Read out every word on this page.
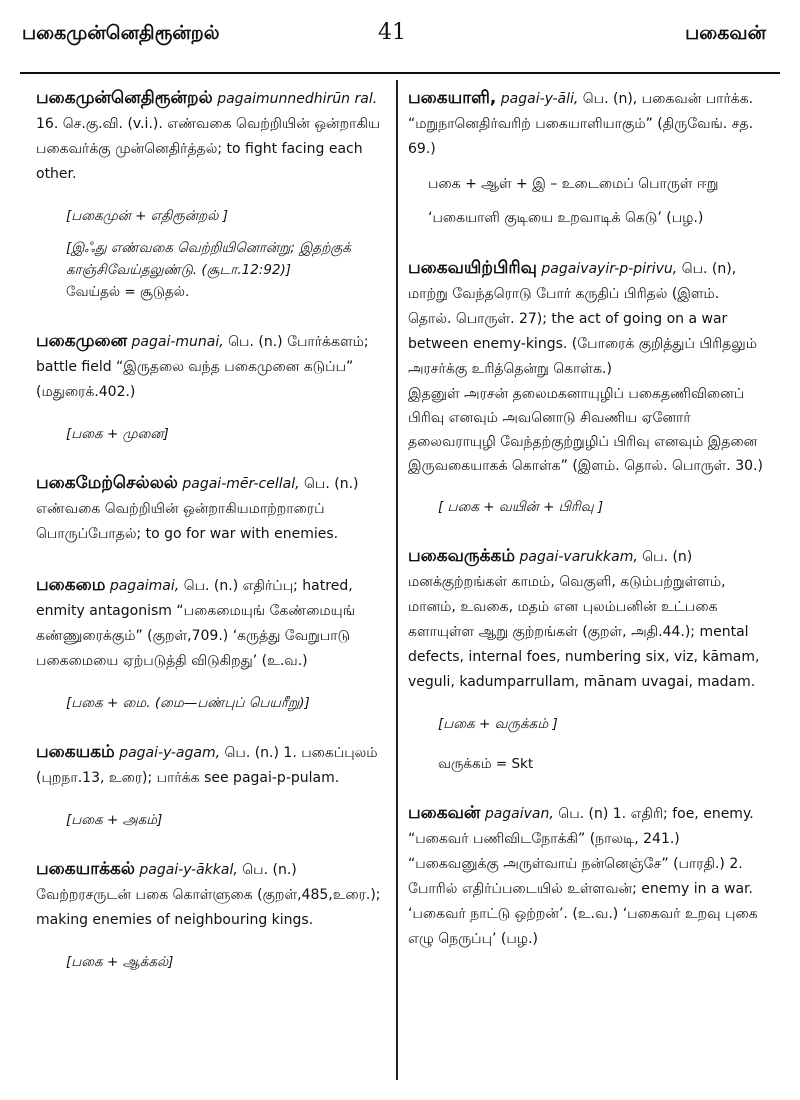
பகைமுன்னெதிரூன்றல்	41	பகைவன்

பகைமுன்னெதிரூன்றல் pagaimunnedhirūn ral. 16. செ.கு.வி. (v.i.). எண்வகை வெற்றியின் ஒன்றாகிய பகைவர்க்கு முன்னெதிர்த்தல்; to fight facing each other.

[பகைமுன் + எதிரூன்றல் ]

[இஃது எண்வகை வெற்றியினொன்று; இதற்குக் காஞ்சிவேய்தலுண்டு. (சூடா.12:92)]

வேய்தல் = சூடுதல்.

பகைமுனை pagai-munai, பெ. (n.) போர்க்களம்; battle field “இருதலை வந்த பகைமுனை கடுப்ப” (மதுரைக்.402.)

[பகை + முனை]

பகைமேற்செல்லல் pagai-mēr-cellal, பெ. (n.) எண்வகை வெற்றியின் ஒன்றாகியமாற்றாரைப் பொருப்போதல்; to go for war with enemies.

பகைமை pagaimai, பெ. (n.) எதிர்ப்பு; hatred, enmity antagonism “பகைமையுங் கேண்மையுங் கண்ணுரைக்கும்” (குறள்,709.) ‘கருத்து வேறுபாடு பகைமையை ஏற்படுத்தி விடுகிறது’ (உ.வ.)

[பகை + மை. (மை—பண்புப் பெயரீறு)]

பகையகம் pagai-y-agam, பெ. (n.) 1. பகைப்புலம் (புறநா.13, உரை); பார்க்க see pagai-p-pulam.

[பகை + அகம்]

பகையாக்கல் pagai-y-ākkal, பெ. (n.) வேற்றரசருடன் பகை கொள்ளுகை (குறள்,485,உரை.); making enemies of neighbouring kings.

[பகை + ஆக்கல்]

பகையாளி, pagai-y-āli, பெ. (n), பகைவன் பார்க்க. “மறுநானெதிர்வரிற் பகையாளியாகும்” (திருவேங். சத. 69.)

பகை + ஆள் + இ – உடைமைப் பொருள் ஈறு

‘பகையாளி குடியை உறவாடிக் கெடு’ (பழ.)

பகைவயிற்பிரிவு pagaivayir-p-pirivu, பெ. (n), மாற்று வேந்தரொடு போர் கருதிப் பிரிதல் (இளம். தொல். பொருள். 27); the act of going on a war between enemy-kings. (போரைக் குறித்துப் பிரிதலும் அரசர்க்கு உரித்தென்று கொள்க.)

இதனுள் அரசன் தலைமகனாயுழிப் பகைதணிவினைப் பிரிவு எனவும் அவனொடு சிவணிய ஏனோர் தலைவராயுழி வேந்தற்குற்றுழிப் பிரிவு எனவும் இதனை இருவகையாகக் கொள்க” (இளம். தொல். பொருள். 30.)

[ பகை + வயின் + பிரிவு ]

பகைவருக்கம் pagai-varukkam, பெ. (n) மனக்குற்றங்கள் காமம், வெகுளி, கடும்பற்றுள்ளம், மானம், உவகை, மதம் என புலம்பனின் உட்பகை களாயுள்ள ஆறு குற்றங்கள் (குறள், அதி.44.); mental defects, internal foes, numbering six, viz, kāmam, veguli, kadumparrullam, mānam uvagai, madam.

[பகை + வருக்கம் ]

வருக்கம் = Skt

பகைவன் pagaivan, பெ. (n) 1. எதிரி; foe, enemy. “பகைவர் பணிவிடநோக்கி” (நாலடி, 241.) “பகைவனுக்கு அருள்வாய் நன்னெஞ்சே” (பாரதி.) 2. போரில் எதிர்ப்படையில் உள்ளவன்; enemy in a war. ‘பகைவர் நாட்டு ஒற்றன்’. (உ.வ.) ‘பகைவர் உறவு புகை எழு நெருப்பு’ (பழ.)
